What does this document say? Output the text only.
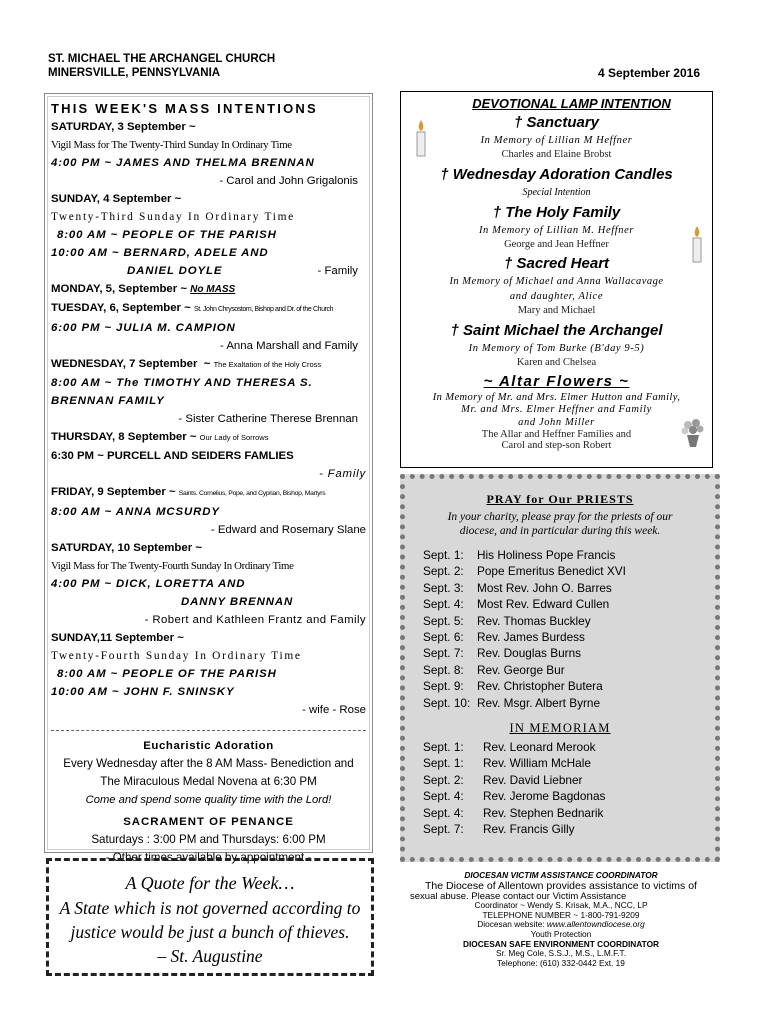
ST. MICHAEL THE ARCHANGEL CHURCH
MINERSVILLE, PENNSYLVANIA	4 September 2016
THIS WEEK'S MASS INTENTIONS
SATURDAY, 3 September ~
Vigil Mass for The Twenty-Third Sunday In Ordinary Time
4:00 PM ~ JAMES AND THELMA BRENNAN
- Carol and John Grigalonis
SUNDAY, 4 September ~
Twenty-Third Sunday In Ordinary Time
8:00 AM ~ PEOPLE OF THE PARISH
10:00 AM ~ BERNARD, ADELE AND
DANIEL DOYLE	- Family
MONDAY, 5, September ~ No MASS
TUESDAY, 6, September ~ St. John Chrysostom, Bishop and Dr. of the Church
6:00 PM ~ JULIA M. CAMPION
- Anna Marshall and Family
WEDNESDAY, 7 September  ~ The Exaltation of the Holy Cross
8:00 AM ~ The TIMOTHY AND THERESA S.
BRENNAN FAMILY
- Sister Catherine Therese Brennan
THURSDAY, 8 September ~ Our Lady of Sorrows
6:30 PM ~ PURCELL AND SEIDERS FAMLIES
- Family
FRIDAY, 9 September ~ Saints. Cornelius, Pope, and Cyprian, Bishop, Martyrs
8:00 AM ~ ANNA MCSURDY
- Edward and Rosemary Slane
SATURDAY, 10 September ~
Vigil Mass for The Twenty-Fourth Sunday In Ordinary Time
4:00 PM ~ DICK, LORETTA AND
DANNY BRENNAN
- Robert and Kathleen Frantz and Family
SUNDAY,11 September ~
Twenty-Fourth Sunday In Ordinary Time
8:00 AM ~ PEOPLE OF THE PARISH
10:00 AM ~ JOHN F. SNINSKY
- wife - Rose
Eucharistic Adoration
Every Wednesday after the 8 AM Mass- Benediction and
The Miraculous Medal Novena at 6:30 PM
Come and spend some quality time with the Lord!
SACRAMENT OF PENANCE
Saturdays : 3:00 PM and Thursdays: 6:00 PM
- Other times available by appointment -
A Quote for the Week…
A State which is not governed according to
justice would be just a bunch of thieves.
– St. Augustine
DEVOTIONAL LAMP INTENTION
† Sanctuary
In Memory of Lillian M Heffner
Charles and Elaine Brobst
† Wednesday Adoration Candles
Special Intention
† The Holy Family
In Memory of Lillian M. Heffner
George and Jean Heffner
† Sacred Heart
In Memory of Michael and Anna Wallacavage
and daughter, Alice
Mary and Michael
† Saint Michael the Archangel
In Memory of Tom Burke (B'day 9-5)
Karen and Chelsea
~ Altar Flowers ~
In Memory of Mr. and Mrs. Elmer Hutton and Family,
Mr. and Mrs. Elmer Heffner and Family
and John Miller
The Allar and Heffner Families and
Carol and step-son Robert
PRAY for Our PRIESTS
In your charity, please pray for the priests of our
diocese, and in particular during this week.
Sept. 1: His Holiness Pope Francis
Sept. 2: Pope Emeritus Benedict XVI
Sept. 3: Most Rev. John O. Barres
Sept. 4: Most Rev. Edward Cullen
Sept. 5: Rev. Thomas Buckley
Sept. 6: Rev. James Burdess
Sept. 7: Rev. Douglas Burns
Sept. 8: Rev. George Bur
Sept. 9: Rev. Christopher Butera
Sept. 10: Rev. Msgr. Albert Byrne
IN MEMORIAM
Sept. 1: Rev. Leonard Merook
Sept. 1: Rev. William McHale
Sept. 2: Rev. David Liebner
Sept. 4: Rev. Jerome Bagdonas
Sept. 4: Rev. Stephen Bednarik
Sept. 7: Rev. Francis Gilly
DIOCESAN VICTIM ASSISTANCE COORDINATOR
The Diocese of Allentown provides assistance to victims of
sexual abuse. Please contact our Victim Assistance
Coordinator ~ Wendy S. Krisak, M.A., NCC, LP
TELEPHONE NUMBER ~ 1-800-791-9209
Diocesan website: www.allentowndiocese.org
Youth Protection
DIOCESAN SAFE ENVIRONMENT COORDINATOR
Sr. Meg Cole, S.S.J., M.S., L.M.F.T.
Telephone: (610) 332-0442 Ext. 19
